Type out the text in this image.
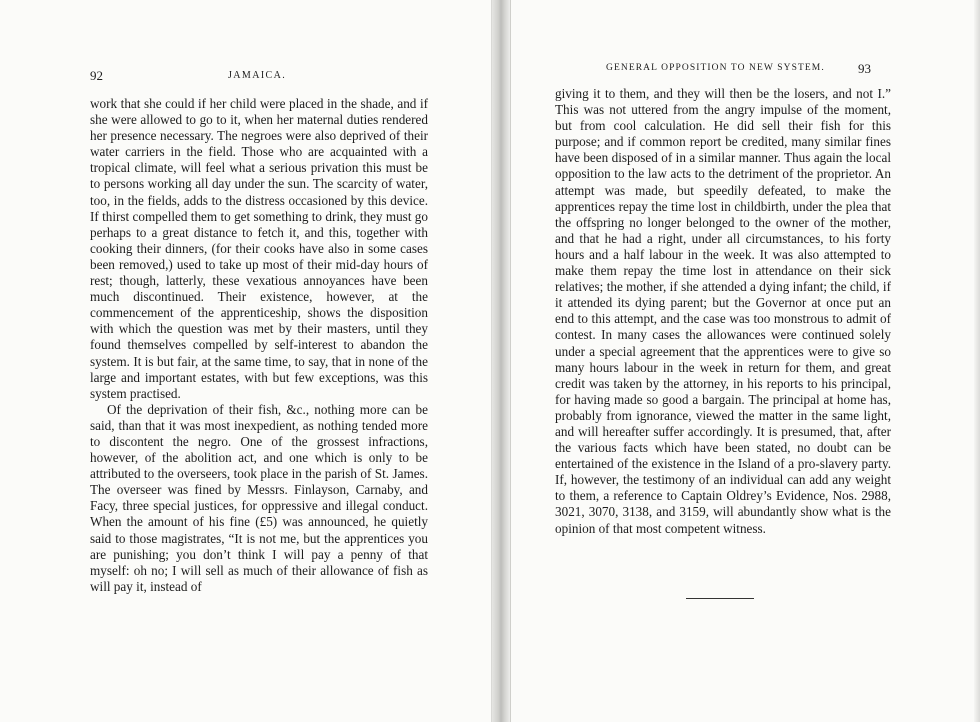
92	JAMAICA.

work that she could if her child were placed in the shade, and if she were allowed to go to it, when her maternal duties rendered her presence necessary. The negroes were also deprived of their water carriers in the field. Those who are acquainted with a tropical climate, will feel what a serious privation this must be to persons working all day under the sun. The scarcity of water, too, in the fields, adds to the distress occasioned by this device. If thirst compelled them to get something to drink, they must go perhaps to a great distance to fetch it, and this, together with cooking their dinners, (for their cooks have also in some cases been removed,) used to take up most of their mid-day hours of rest; though, latterly, these vexatious annoyances have been much discontinued. Their existence, however, at the commencement of the apprenticeship, shows the disposition with which the question was met by their masters, until they found themselves compelled by self-interest to abandon the system. It is but fair, at the same time, to say, that in none of the large and important estates, with but few exceptions, was this system practised.

Of the deprivation of their fish, &c., nothing more can be said, than that it was most inexpedient, as nothing tended more to discontent the negro. One of the grossest infractions, however, of the abolition act, and one which is only to be attributed to the overseers, took place in the parish of St. James. The overseer was fined by Messrs. Finlayson, Carnaby, and Facy, three special justices, for oppressive and illegal conduct. When the amount of his fine (£5) was announced, he quietly said to those magistrates, “It is not me, but the apprentices you are punishing; you don’t think I will pay a penny of that myself: oh no; I will sell as much of their allowance of fish as will pay it, instead of

GENERAL OPPOSITION TO NEW SYSTEM.	93

giving it to them, and they will then be the losers, and not I.” This was not uttered from the angry impulse of the moment, but from cool calculation. He did sell their fish for this purpose; and if common report be credited, many similar fines have been disposed of in a similar manner. Thus again the local opposition to the law acts to the detriment of the proprietor. An attempt was made, but speedily defeated, to make the apprentices repay the time lost in childbirth, under the plea that the offspring no longer belonged to the owner of the mother, and that he had a right, under all circumstances, to his forty hours and a half labour in the week. It was also attempted to make them repay the time lost in attendance on their sick relatives; the mother, if she attended a dying infant; the child, if it attended its dying parent; but the Governor at once put an end to this attempt, and the case was too monstrous to admit of contest. In many cases the allowances were continued solely under a special agreement that the apprentices were to give so many hours labour in the week in return for them, and great credit was taken by the attorney, in his reports to his principal, for having made so good a bargain. The principal at home has, probably from ignorance, viewed the matter in the same light, and will hereafter suffer accordingly. It is presumed, that, after the various facts which have been stated, no doubt can be entertained of the existence in the Island of a pro-slavery party. If, however, the testimony of an individual can add any weight to them, a reference to Captain Oldrey’s Evidence, Nos. 2988, 3021, 3070, 3138, and 3159, will abundantly show what is the opinion of that most competent witness.
